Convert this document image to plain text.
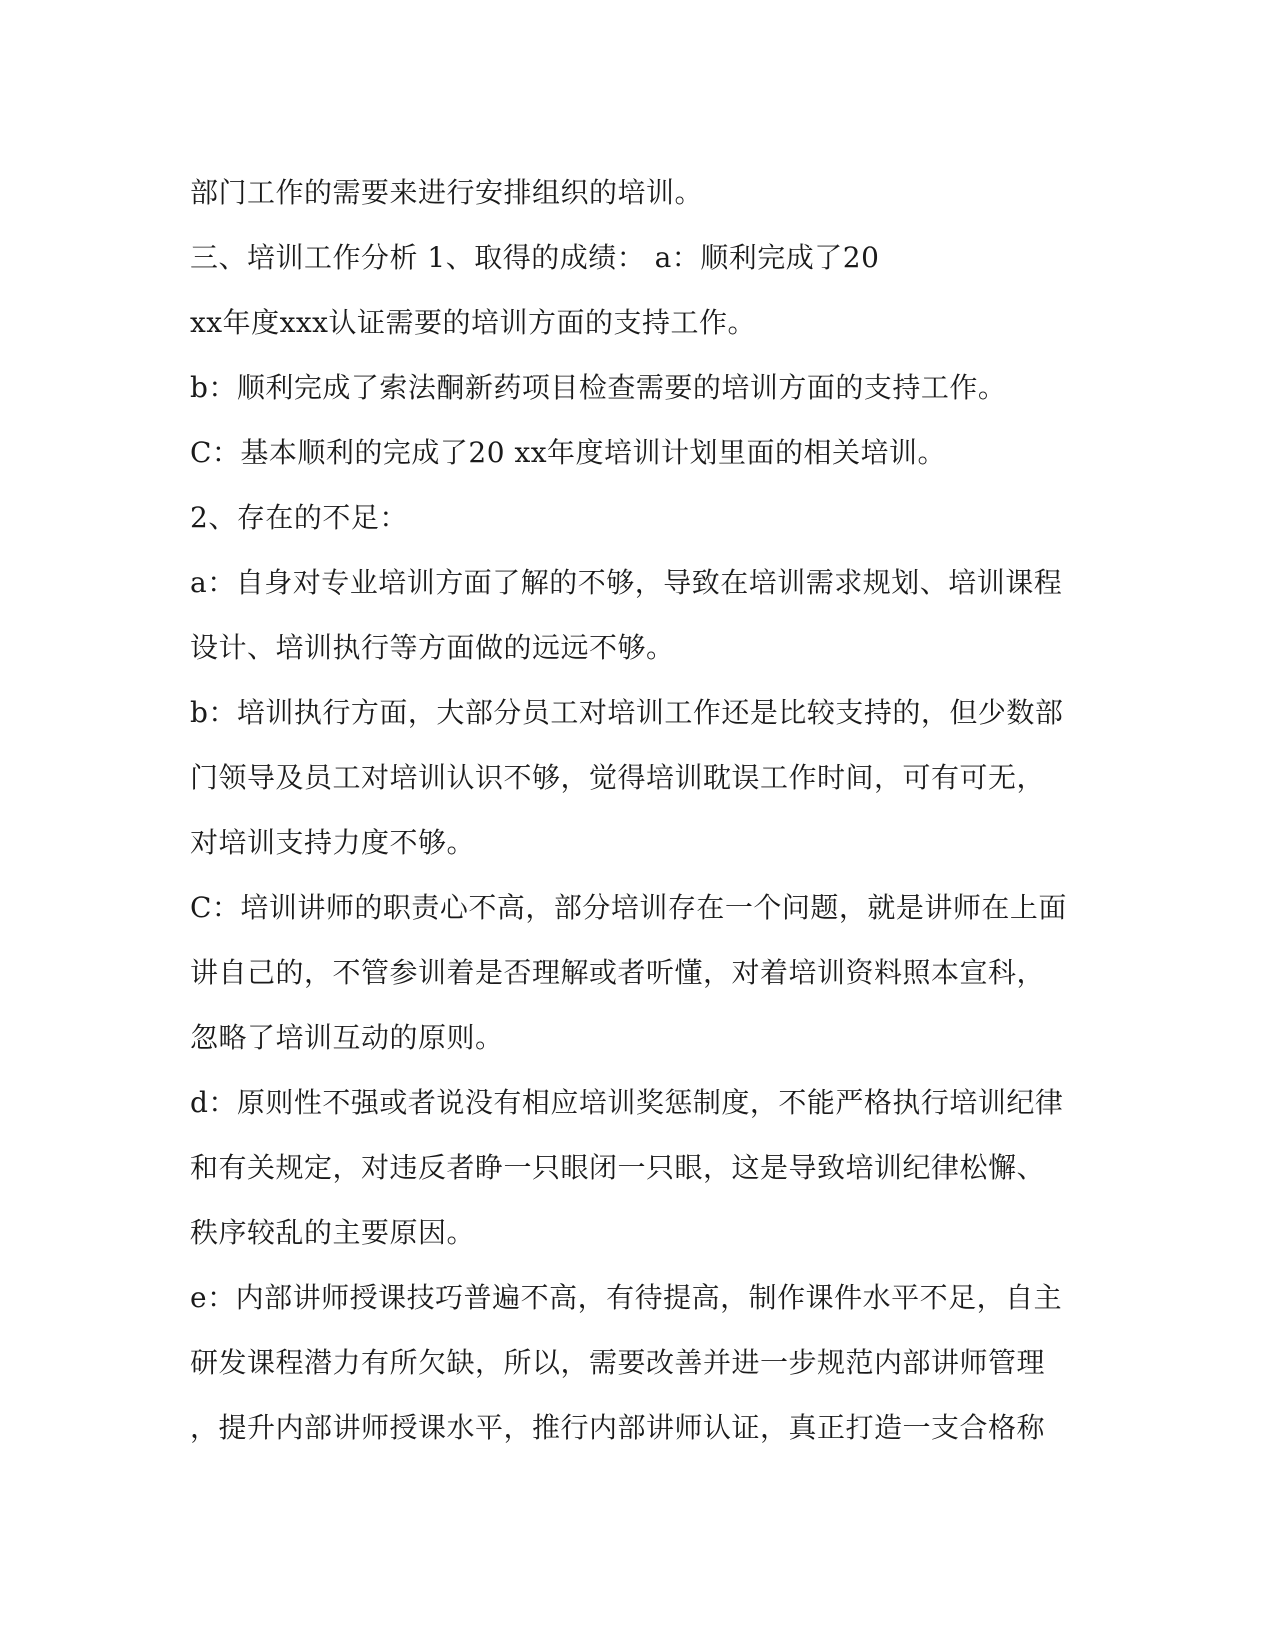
部门工作的需要来进行安排组织的培训。
三、培训工作分析 1、取得的成绩： a：顺利完成了20
xx年度xxx认证需要的培训方面的支持工作。
b：顺利完成了索法酮新药项目检查需要的培训方面的支持工作。
C：基本顺利的完成了20 xx年度培训计划里面的相关培训。
2、存在的不足：
a：自身对专业培训方面了解的不够，导致在培训需求规划、培训课程
设计、培训执行等方面做的远远不够。
b：培训执行方面，大部分员工对培训工作还是比较支持的，但少数部
门领导及员工对培训认识不够，觉得培训耽误工作时间，可有可无，
对培训支持力度不够。
C：培训讲师的职责心不高，部分培训存在一个问题，就是讲师在上面
讲自己的，不管参训着是否理解或者听懂，对着培训资料照本宣科，
忽略了培训互动的原则。
d：原则性不强或者说没有相应培训奖惩制度，不能严格执行培训纪律
和有关规定，对违反者睁一只眼闭一只眼，这是导致培训纪律松懈、
秩序较乱的主要原因。
e：内部讲师授课技巧普遍不高，有待提高，制作课件水平不足，自主
研发课程潜力有所欠缺，所以，需要改善并进一步规范内部讲师管理
，提升内部讲师授课水平，推行内部讲师认证，真正打造一支合格称
